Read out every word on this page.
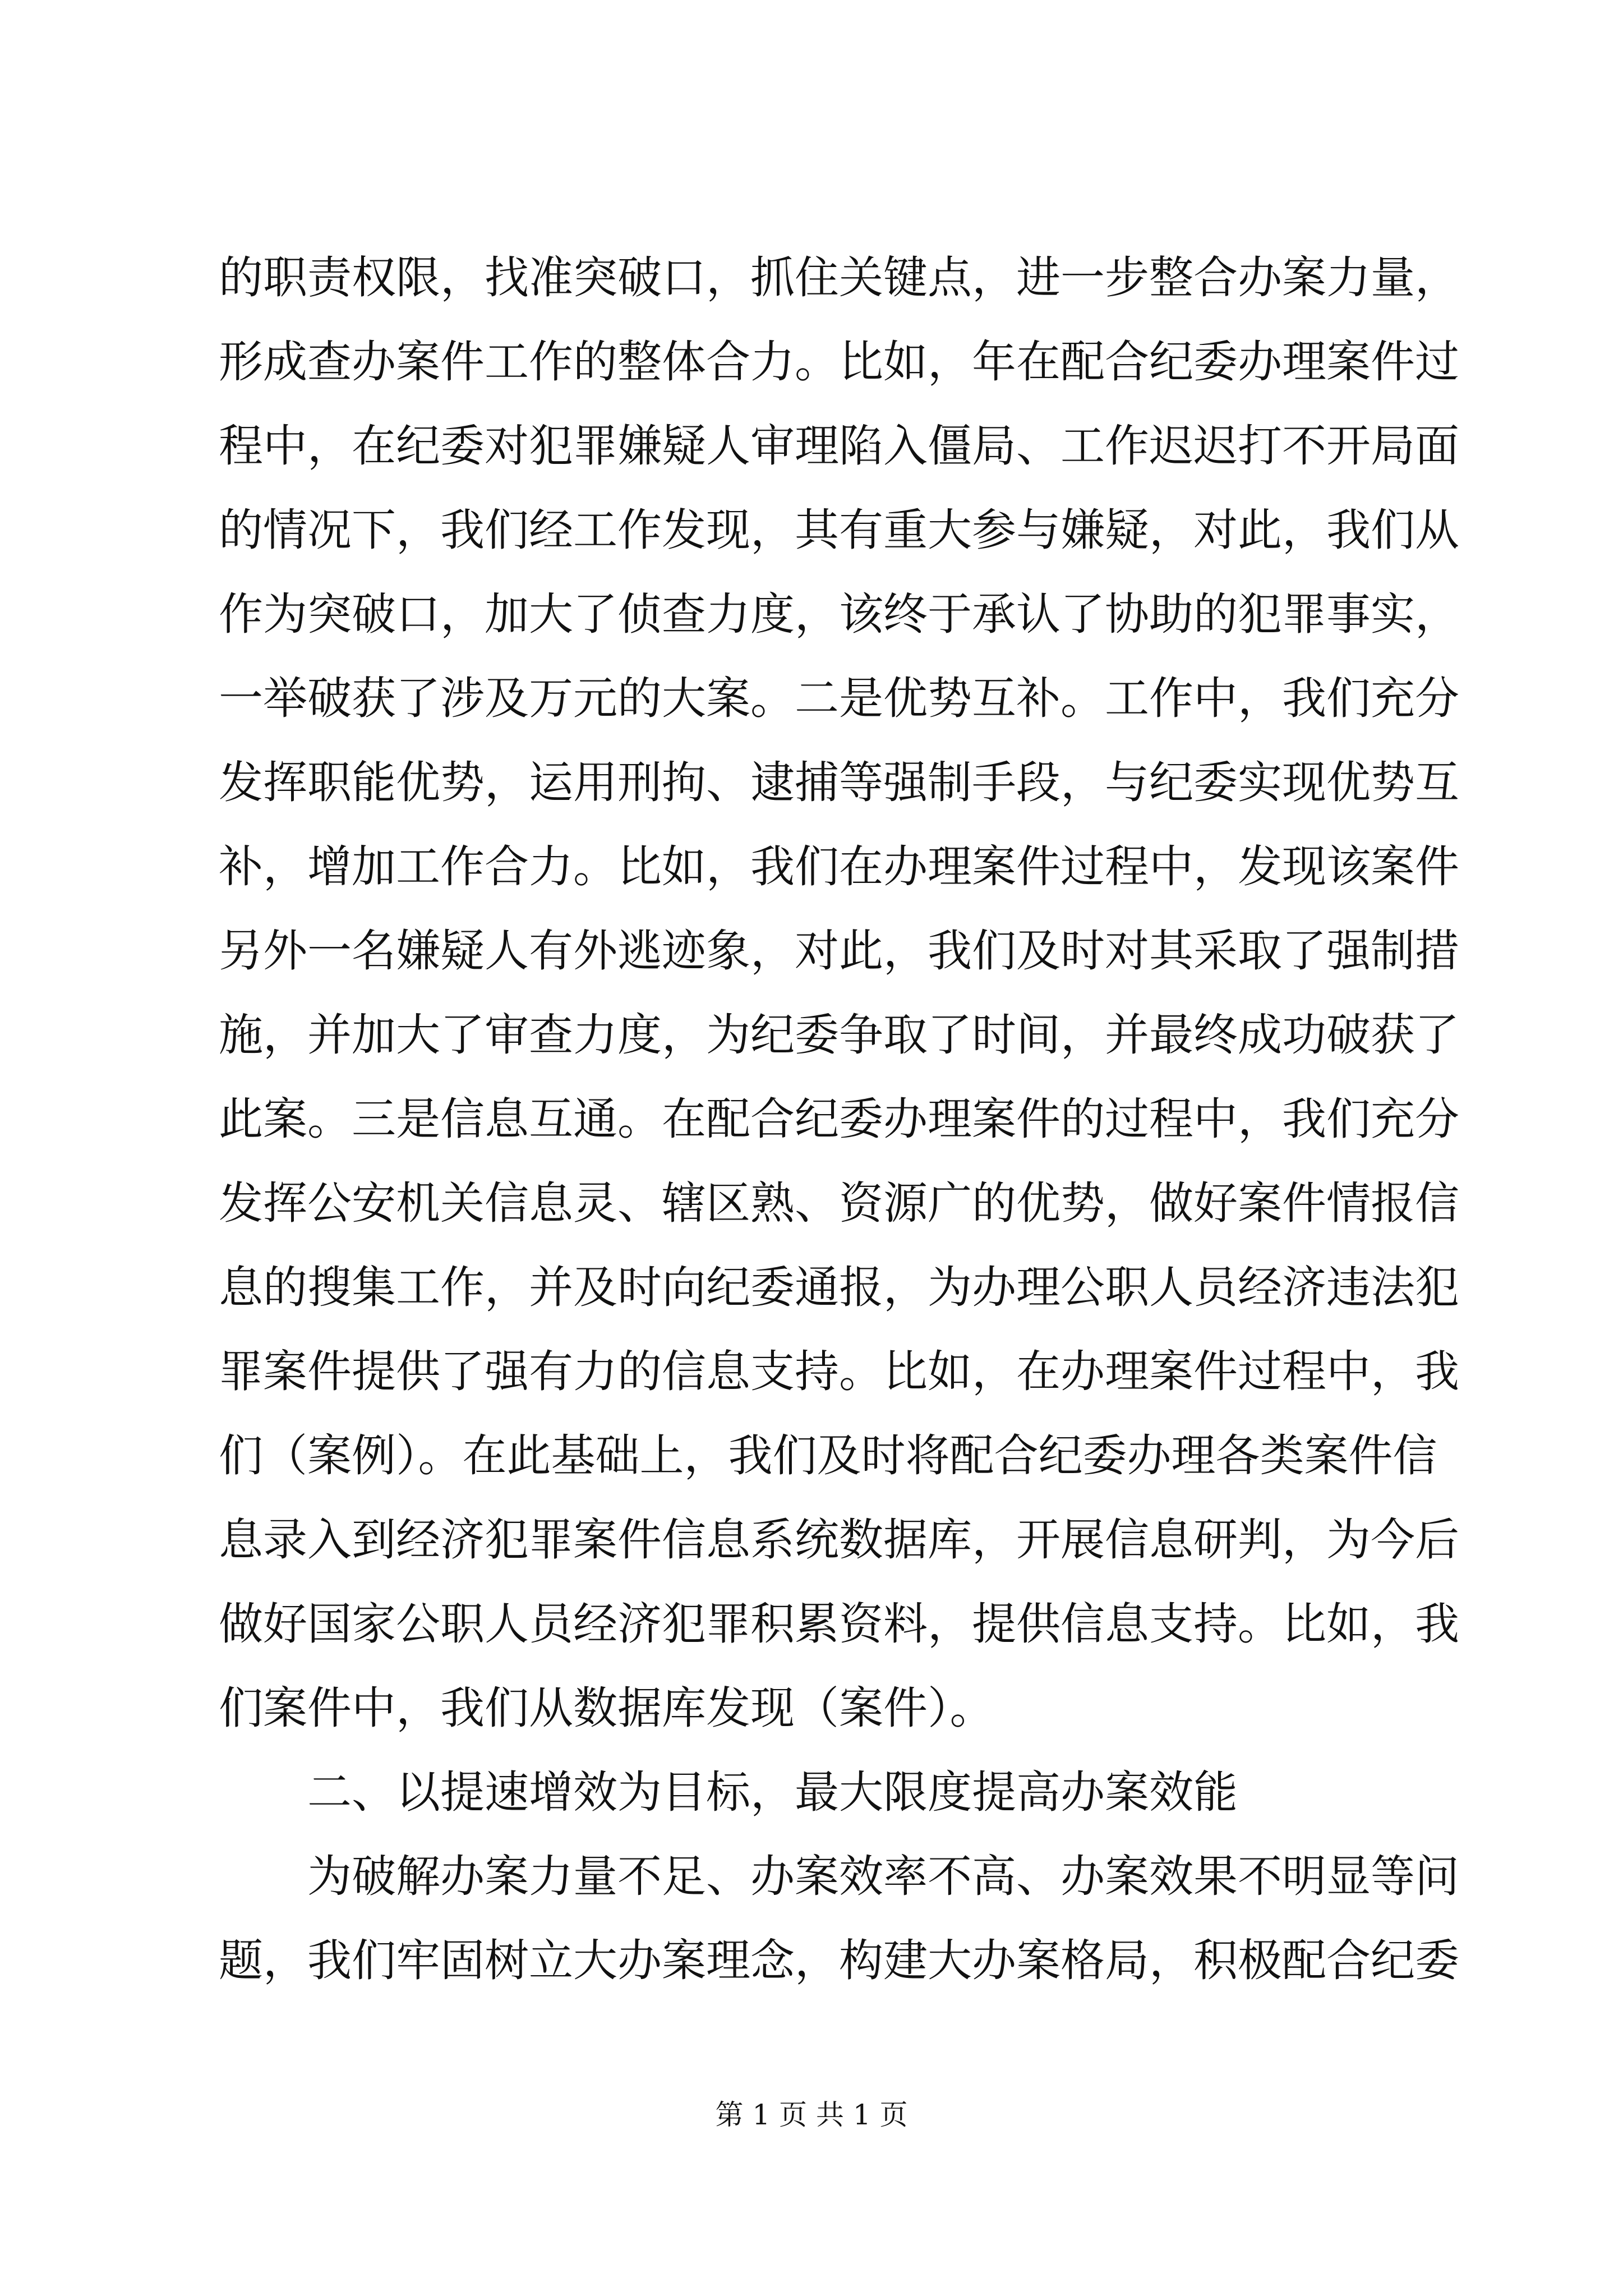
的职责权限，找准突破口，抓住关键点，进一步整合办案力量，
形成查办案件工作的整体合力。比如，年在配合纪委办理案件过
程中，在纪委对犯罪嫌疑人审理陷入僵局、工作迟迟打不开局面
的情况下，我们经工作发现，其有重大参与嫌疑，对此，我们从
作为突破口，加大了侦查力度，该终于承认了协助的犯罪事实，
一举破获了涉及万元的大案。二是优势互补。工作中，我们充分
发挥职能优势，运用刑拘、逮捕等强制手段，与纪委实现优势互
补，增加工作合力。比如，我们在办理案件过程中，发现该案件
另外一名嫌疑人有外逃迹象，对此，我们及时对其采取了强制措
施，并加大了审查力度，为纪委争取了时间，并最终成功破获了
此案。三是信息互通。在配合纪委办理案件的过程中，我们充分
发挥公安机关信息灵、辖区熟、资源广的优势，做好案件情报信
息的搜集工作，并及时向纪委通报，为办理公职人员经济违法犯
罪案件提供了强有力的信息支持。比如，在办理案件过程中，我
们（案例）。在此基础上，我们及时将配合纪委办理各类案件信
息录入到经济犯罪案件信息系统数据库，开展信息研判，为今后
做好国家公职人员经济犯罪积累资料，提供信息支持。比如，我
们案件中，我们从数据库发现（案件）。
二、以提速增效为目标，最大限度提高办案效能
为破解办案力量不足、办案效率不高、办案效果不明显等问
题，我们牢固树立大办案理念，构建大办案格局，积极配合纪委
第 1 页 共 1 页
